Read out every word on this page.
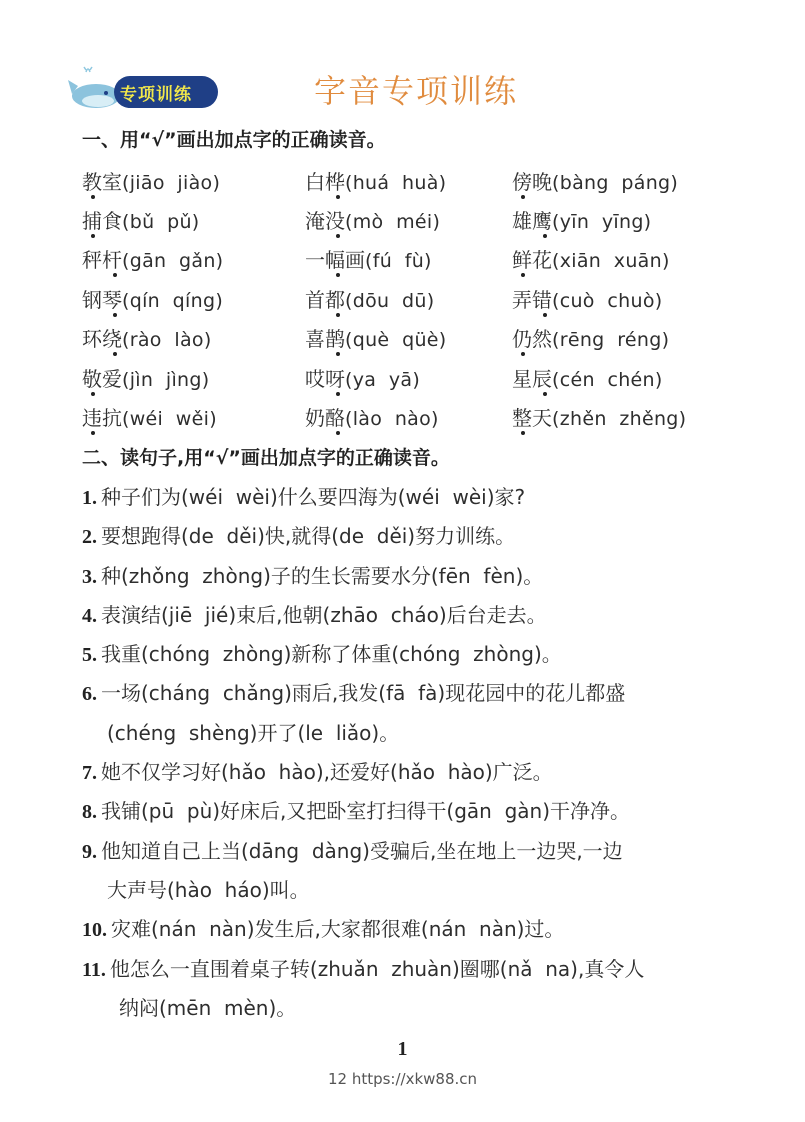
专项训练	字音专项训练
一、用“√”画出加点字的正确读音。
教室(jiāo  jiào)
捕食(bǔ  pǔ)
秤杆(gān  gǎn)
钢琴(qín  qíng)
环绕(rào  lào)
敬爱(jìn  jìng)
违抗(wéi  wěi)
白桦(huá  huà)
淹没(mò  méi)
一幅画(fú  fù)
首都(dōu  dū)
喜鹊(què  qüè)
哎呀(ya  yā)
奶酪(lào  nào)
傍晚(bàng  páng)
雄鹰(yīn  yīng)
鲜花(xiān  xuān)
弄错(cuò  chuò)
仍然(rēng  réng)
星辰(cén  chén)
整天(zhěn  zhěng)
二、读句子,用“√”画出加点字的正确读音。
1. 种子们为(wéi  wèi)什么要四海为(wéi  wèi)家?
2. 要想跑得(de  děi)快,就得(de  děi)努力训练。
3. 种(zhǒng  zhòng)子的生长需要水分(fēn  fèn)。
4. 表演结(jiē  jié)束后,他朝(zhāo  cháo)后台走去。
5. 我重(chóng  zhòng)新称了体重(chóng  zhòng)。
6. 一场(cháng  chǎng)雨后,我发(fā  fà)现花园中的花儿都盛
(chéng  shèng)开了(le  liǎo)。
7. 她不仅学习好(hǎo  hào),还爱好(hǎo  hào)广泛。
8. 我铺(pū  pù)好床后,又把卧室打扫得干(gān  gàn)干净净。
9. 他知道自己上当(dāng  dàng)受骗后,坐在地上一边哭,一边
大声号(hào  háo)叫。
10. 灾难(nán  nàn)发生后,大家都很难(nán  nàn)过。
11. 他怎么一直围着桌子转(zhuǎn  zhuàn)圈哪(nǎ  na),真令人
纳闷(mēn  mèn)。
1
12 https://xkw88.cn
